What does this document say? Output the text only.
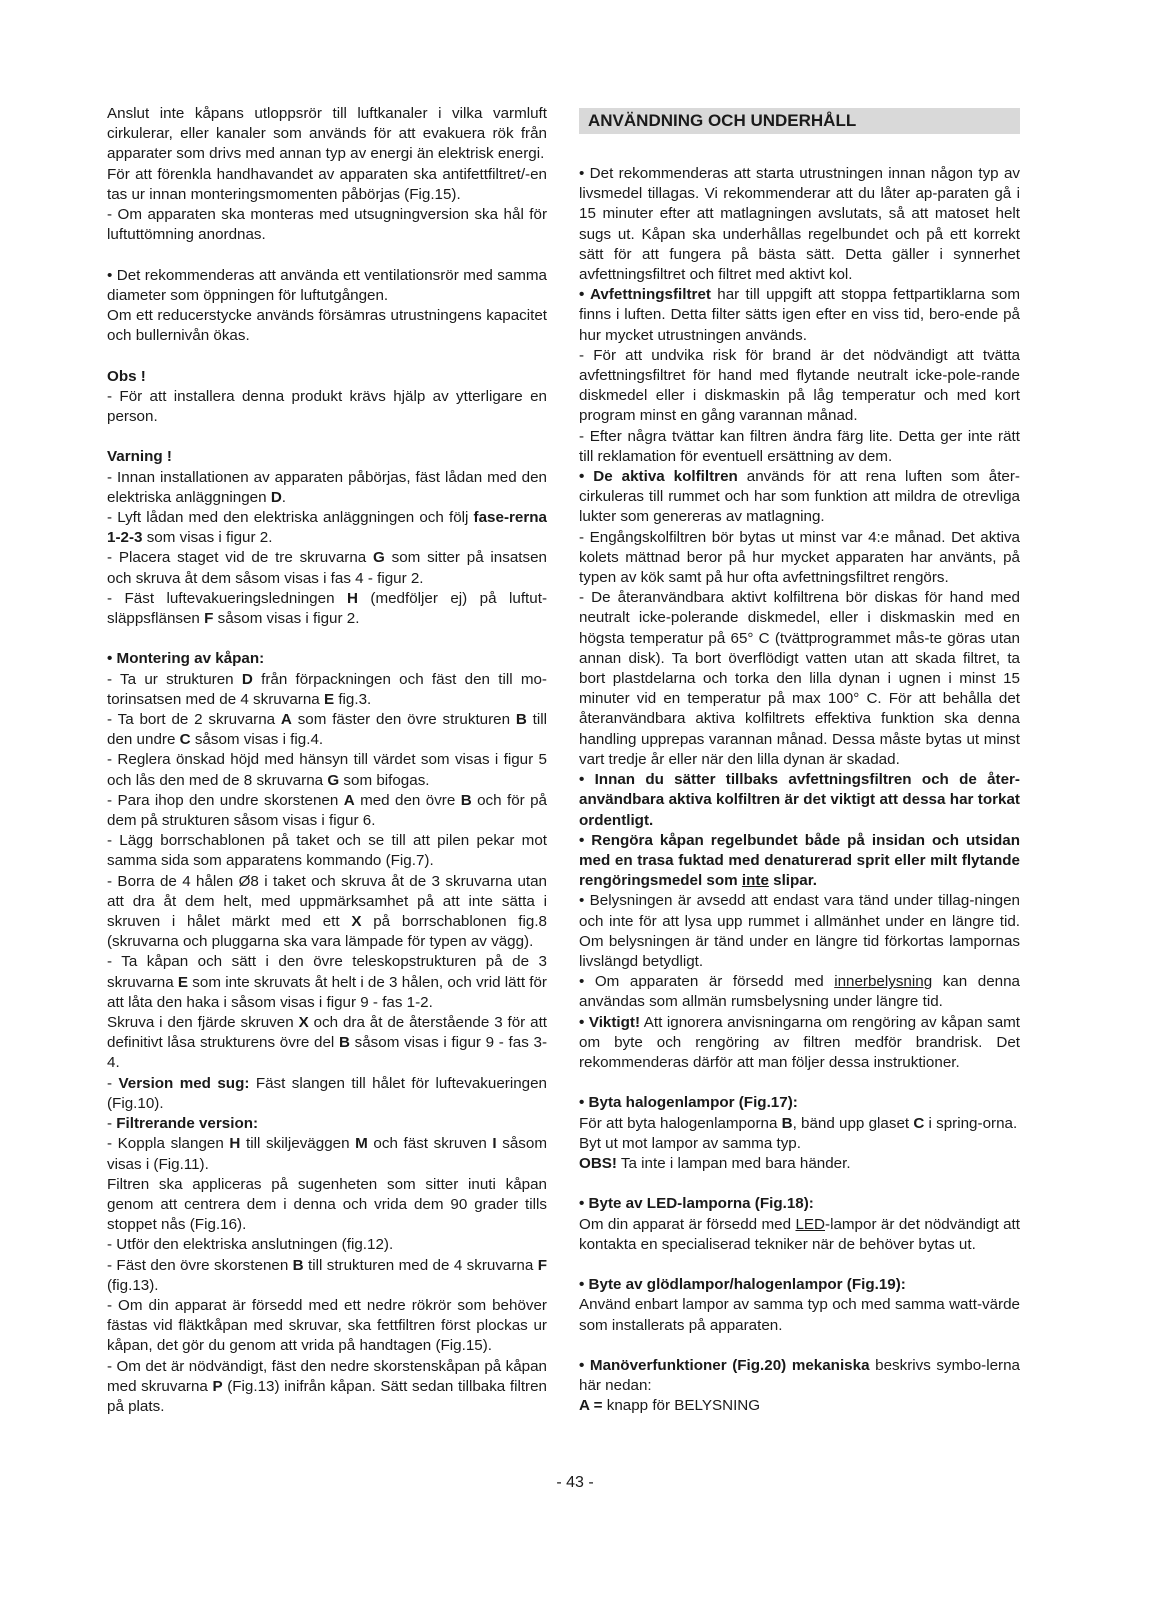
Anslut inte kåpans utloppsrör till luftkanaler i vilka varmluft cirkulerar, eller kanaler som används för att evakuera rök från apparater som drivs med annan typ av energi än elektrisk energi.

För att förenkla handhavandet av apparaten ska antifettfiltret/-en tas ur innan monteringsmomenten påbörjas (Fig.15).

- Om apparaten ska monteras med utsugningversion ska hål för luftuttömning anordnas.

• Det rekommenderas att använda ett ventilationsrör med samma diameter som öppningen för luftutgången.

Om ett reducerstycke används försämras utrustningens kapacitet och bullernivån ökas.

Obs !

- För att installera denna produkt krävs hjälp av ytterligare en person.

Varning !

- Innan installationen av apparaten påbörjas, fäst lådan med den elektriska anläggningen D.

- Lyft lådan med den elektriska anläggningen och följ fase-rerna 1-2-3 som visas i figur 2.

- Placera staget vid de tre skruvarna G som sitter på insatsen och skruva åt dem såsom visas i fas 4 - figur 2.

- Fäst luftevakueringsledningen H (medföljer ej) på luftut-släppsflänsen F såsom visas i figur 2.

• Montering av kåpan:

- Ta ur strukturen D från förpackningen och fäst den till mo-torinsatsen med de 4 skruvarna E fig.3.

- Ta bort de 2 skruvarna A som fäster den övre strukturen B till den undre C såsom visas i fig.4.

- Reglera önskad höjd med hänsyn till värdet som visas i figur 5 och lås den med de 8 skruvarna G som bifogas.

- Para ihop den undre skorstenen A med den övre B och för på dem på strukturen såsom visas i figur 6.

- Lägg borrschablonen på taket och se till att pilen pekar mot samma sida som apparatens kommando (Fig.7).

- Borra de 4 hålen Ø8 i taket och skruva åt de 3 skruvarna utan att dra åt dem helt, med uppmärksamhet på att inte sätta i skruven i hålet märkt med ett X på borrschablonen fig.8 (skruvarna och pluggarna ska vara lämpade för typen av vägg).

- Ta kåpan och sätt i den övre teleskopstrukturen på de 3 skruvarna E som inte skruvats åt helt i de 3 hålen, och vrid lätt för att låta den haka i såsom visas i figur 9 - fas 1-2.

Skruva i den fjärde skruven X och dra åt de återstående 3 för att definitivt låsa strukturens övre del B såsom visas i figur 9 - fas 3-4.

- Version med sug: Fäst slangen till hålet för luftevakueringen (Fig.10).

- Filtrerande version:

- Koppla slangen H till skiljeväggen M och fäst skruven I såsom visas i (Fig.11).

Filtren ska appliceras på sugenheten som sitter inuti kåpan genom att centrera dem i denna och vrida dem 90 grader tills stoppet nås (Fig.16).

- Utför den elektriska anslutningen (fig.12).

- Fäst den övre skorstenen B till strukturen med de 4 skruvarna F (fig.13).

- Om din apparat är försedd med ett nedre rökrör som behöver fästas vid fläktkåpan med skruvar, ska fettfiltren först plockas ur kåpan, det gör du genom att vrida på handtagen (Fig.15).

- Om det är nödvändigt, fäst den nedre skorstenskåpan på kåpan med skruvarna P (Fig.13) inifrån kåpan. Sätt sedan tillbaka filtren på plats.

ANVÄNDNING OCH UNDERHÅLL

• Det rekommenderas att starta utrustningen innan någon typ av livsmedel tillagas. Vi rekommenderar att du låter ap-paraten gå i 15 minuter efter att matlagningen avslutats, så att matoset helt sugs ut. Kåpan ska underhållas regelbundet och på ett korrekt sätt för att fungera på bästa sätt. Detta gäller i synnerhet avfettningsfiltret och filtret med aktivt kol.

• Avfettningsfiltret har till uppgift att stoppa fettpartiklarna som finns i luften. Detta filter sätts igen efter en viss tid, bero-ende på hur mycket utrustningen används.

- För att undvika risk för brand är det nödvändigt att tvätta avfettningsfiltret för hand med flytande neutralt icke-pole-rande diskmedel eller i diskmaskin på låg temperatur och med kort program minst en gång varannan månad.

- Efter några tvättar kan filtren ändra färg lite. Detta ger inte rätt till reklamation för eventuell ersättning av dem.

• De aktiva kolfiltren används för att rena luften som åter-cirkuleras till rummet och har som funktion att mildra de otrevliga lukter som genereras av matlagning.

- Engångskolfiltren bör bytas ut minst var 4:e månad. Det aktiva kolets mättnad beror på hur mycket apparaten har använts, på typen av kök samt på hur ofta avfettningsfiltret rengörs.

- De återanvändbara aktivt kolfiltrena bör diskas för hand med neutralt icke-polerande diskmedel, eller i diskmaskin med en högsta temperatur på 65° C (tvättprogrammet mås-te göras utan annan disk). Ta bort överflödigt vatten utan att skada filtret, ta bort plastdelarna och torka den lilla dynan i ugnen i minst 15 minuter vid en temperatur på max 100° C. För att behålla det återanvändbara aktiva kolfiltrets effektiva funktion ska denna handling upprepas varannan månad. Dessa måste bytas ut minst vart tredje år eller när den lilla dynan är skadad.

• Innan du sätter tillbaks avfettningsfiltren och de åter-användbara aktiva kolfiltren är det viktigt att dessa har torkat ordentligt.

• Rengöra kåpan regelbundet både på insidan och utsidan med en trasa fuktad med denaturerad sprit eller milt flytande rengöringsmedel som inte slipar.

• Belysningen är avsedd att endast vara tänd under tillag-ningen och inte för att lysa upp rummet i allmänhet under en längre tid. Om belysningen är tänd under en längre tid förkortas lampornas livslängd betydligt.

• Om apparaten är försedd med innerbelysning kan denna användas som allmän rumsbelysning under längre tid.

• Viktigt! Att ignorera anvisningarna om rengöring av kåpan samt om byte och rengöring av filtren medför brandrisk. Det rekommenderas därför att man följer dessa instruktioner.

• Byta halogenlampor (Fig.17):

För att byta halogenlamporna B, bänd upp glaset C i spring-orna.

Byt ut mot lampor av samma typ.

OBS! Ta inte i lampan med bara händer.

• Byte av LED-lamporna (Fig.18):

Om din apparat är försedd med LED-lampor är det nödvändigt att kontakta en specialiserad tekniker när de behöver bytas ut.

• Byte av glödlampor/halogenlampor (Fig.19):

Använd enbart lampor av samma typ och med samma watt-värde som installerats på apparaten.

• Manöverfunktioner (Fig.20) mekaniska beskrivs symbo-lerna här nedan:

A = knapp för BELYSNING

- 43 -
